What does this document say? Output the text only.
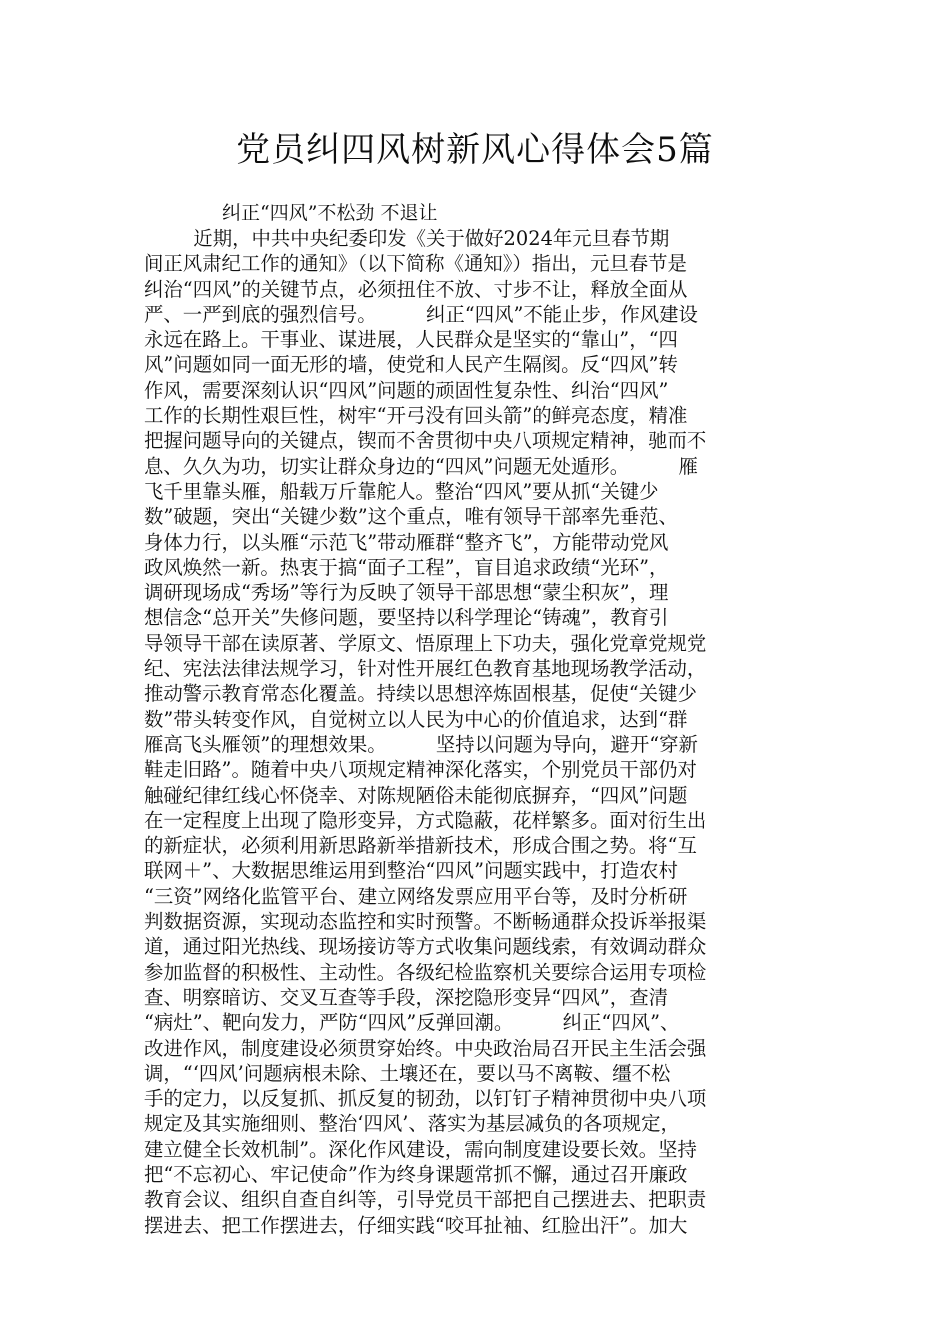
党员纠四风树新风心得体会5篇
纠正“四风”不松劲 不退让
近期，中共中央纪委印发《关于做好2024年元旦春节期
间正风肃纪工作的通知》（以下简称《通知》）指出，元旦春节是
纠治“四风”的关键节点，必须扭住不放、寸步不让，释放全面从
严、一严到底的强烈信号。        纠正“四风”不能止步，作风建设
永远在路上。干事业、谋进展，人民群众是坚实的“靠山”，“四
风”问题如同一面无形的墙，使党和人民产生隔阂。反“四风”转
作风，需要深刻认识“四风”问题的顽固性复杂性、纠治“四风”
工作的长期性艰巨性，树牢“开弓没有回头箭”的鲜亮态度，精准
把握问题导向的关键点，锲而不舍贯彻中央八项规定精神，驰而不
息、久久为功，切实让群众身边的“四风”问题无处遁形。        雁
飞千里靠头雁，船载万斤靠舵人。整治“四风”要从抓“关键少
数”破题，突出“关键少数”这个重点，唯有领导干部率先垂范、
身体力行，以头雁“示范飞”带动雁群“整齐飞”，方能带动党风
政风焕然一新。热衷于搞“面子工程”，盲目追求政绩“光环”，
调研现场成“秀场”等行为反映了领导干部思想“蒙尘积灰”，理
想信念“总开关”失修问题，要坚持以科学理论“铸魂”，教育引
导领导干部在读原著、学原文、悟原理上下功夫，强化党章党规党
纪、宪法法律法规学习，针对性开展红色教育基地现场教学活动，
推动警示教育常态化覆盖。持续以思想淬炼固根基，促使“关键少
数”带头转变作风，自觉树立以人民为中心的价值追求，达到“群
雁高飞头雁领”的理想效果。        坚持以问题为导向，避开“穿新
鞋走旧路”。随着中央八项规定精神深化落实，个别党员干部仍对
触碰纪律红线心怀侥幸、对陈规陋俗未能彻底摒弃，“四风”问题
在一定程度上出现了隐形变异，方式隐蔽，花样繁多。面对衍生出
的新症状，必须利用新思路新举措新技术，形成合围之势。将“互
联网＋”、大数据思维运用到整治“四风”问题实践中，打造农村
“三资”网络化监管平台、建立网络发票应用平台等，及时分析研
判数据资源，实现动态监控和实时预警。不断畅通群众投诉举报渠
道，通过阳光热线、现场接访等方式收集问题线索，有效调动群众
参加监督的积极性、主动性。各级纪检监察机关要综合运用专项检
查、明察暗访、交叉互查等手段，深挖隐形变异“四风”，查清
“病灶”、靶向发力，严防“四风”反弹回潮。        纠正“四风”、
改进作风，制度建设必须贯穿始终。中央政治局召开民主生活会强
调，“‘四风’问题病根未除、土壤还在，要以马不离鞍、缰不松
手的定力，以反复抓、抓反复的韧劲，以钉钉子精神贯彻中央八项
规定及其实施细则、整治‘四风’、落实为基层减负的各项规定，
建立健全长效机制”。深化作风建设，需向制度建设要长效。坚持
把“不忘初心、牢记使命”作为终身课题常抓不懈，通过召开廉政
教育会议、组织自查自纠等，引导党员干部把自己摆进去、把职责
摆进去、把工作摆进去，仔细实践“咬耳扯袖、红脸出汗”。加大
